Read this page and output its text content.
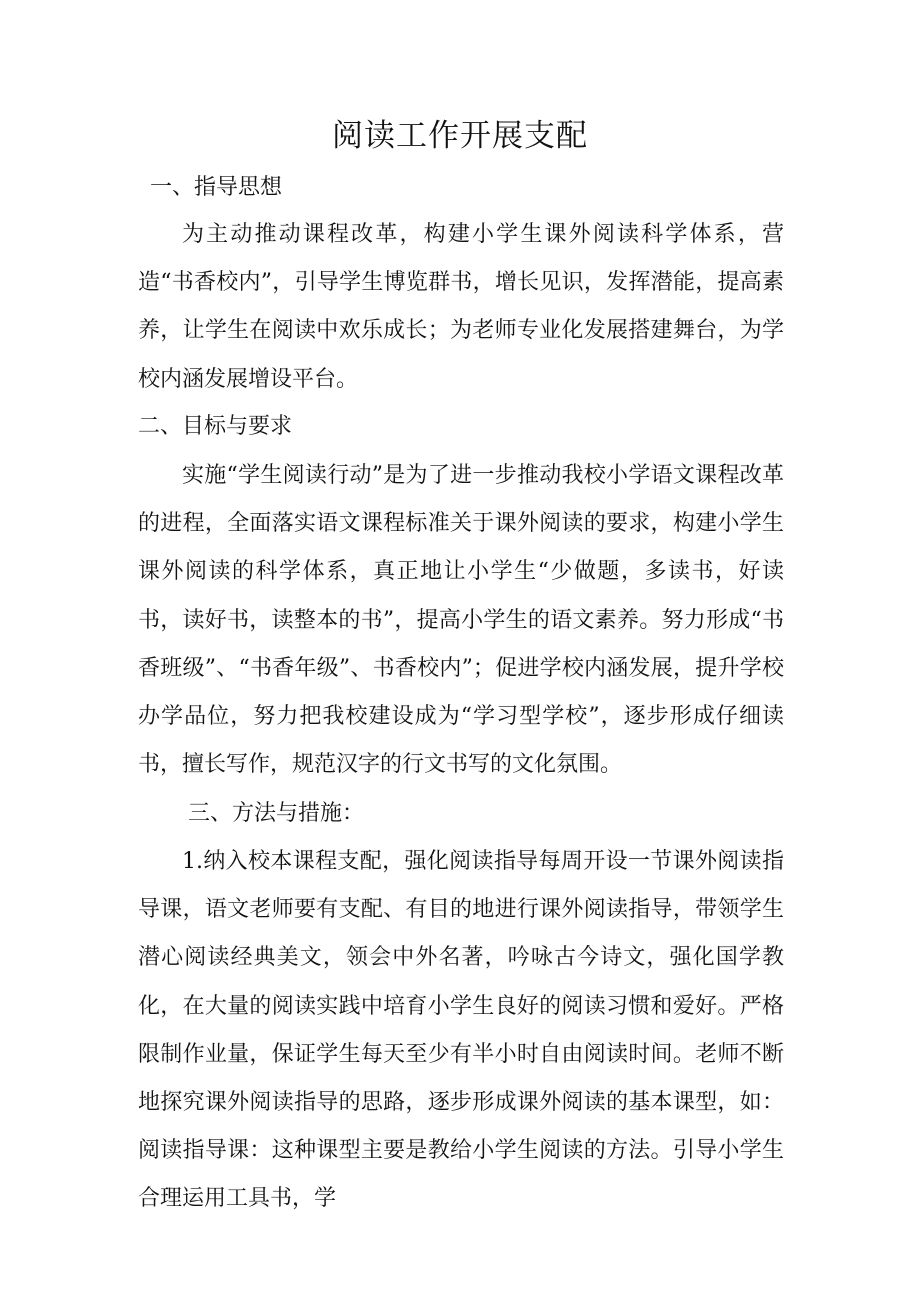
阅读工作开展支配
一、指导思想
为主动推动课程改革，构建小学生课外阅读科学体系，营造“书香校内”，引导学生博览群书，增长见识，发挥潜能，提高素养，让学生在阅读中欢乐成长；为老师专业化发展搭建舞台，为学校内涵发展增设平台。
二、目标与要求
实施“学生阅读行动”是为了进一步推动我校小学语文课程改革的进程，全面落实语文课程标准关于课外阅读的要求，构建小学生课外阅读的科学体系，真正地让小学生“少做题，多读书，好读书，读好书，读整本的书”，提高小学生的语文素养。努力形成“书香班级”、“书香年级”、书香校内”；促进学校内涵发展，提升学校办学品位，努力把我校建设成为“学习型学校”，逐步形成仔细读书，擅长写作，规范汉字的行文书写的文化氛围。
三、方法与措施：
1.纳入校本课程支配，强化阅读指导每周开设一节课外阅读指导课，语文老师要有支配、有目的地进行课外阅读指导，带领学生潜心阅读经典美文，领会中外名著，吟咏古今诗文，强化国学教化，在大量的阅读实践中培育小学生良好的阅读习惯和爱好。严格限制作业量，保证学生每天至少有半小时自由阅读时间。老师不断地探究课外阅读指导的思路，逐步形成课外阅读的基本课型，如：阅读指导课：这种课型主要是教给小学生阅读的方法。引导小学生合理运用工具书，学
